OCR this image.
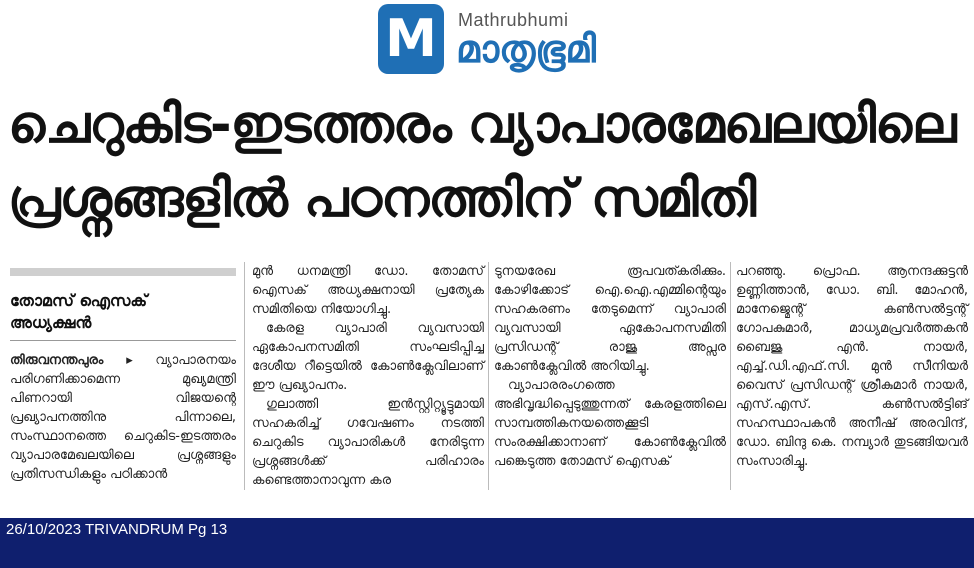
M Mathrubhumi
മാതൃഭൂമി
ചെറുകിട-ഇടത്തരം വ്യാപാരമേഖലയിലെ
പ്രശ്നങ്ങളിൽ പഠനത്തിന് സമിതി
തോമസ് ഐസക്
അധ്യക്ഷൻ

തിരുവനന്തപുരം ▸ വ്യാപാരനയം പരിഗണിക്കാമെന്ന മുഖ്യമന്ത്രി പിണറായി വിജയന്റെ പ്രഖ്യാപനത്തിനു പിന്നാലെ, സംസ്ഥാനത്തെ ചെറുകിട-ഇടത്തരം വ്യാപാരമേഖലയിലെ പ്രശ്നങ്ങളും പ്രതിസന്ധികളും പഠിക്കാൻ

മുൻ ധനമന്ത്രി ഡോ. തോമസ് ഐസക് അധ്യക്ഷനായി പ്രത്യേക സമിതിയെ നിയോഗിച്ചു.
കേരള വ്യാപാരി വ്യവസായി ഏകോപനസമിതി സംഘടിപ്പിച്ച ദേശീയ റീട്ടെയിൽ കോൺക്ലേവിലാണ് ഈ പ്രഖ്യാപനം.
ഗുലാത്തി ഇൻസ്റ്റിറ്റ്യൂട്ടുമായി സഹകരിച്ച് ഗവേഷണം നടത്തി ചെറുകിട വ്യാപാരികൾ നേരിടുന്ന പ്രശ്നങ്ങൾക്ക് പരിഹാരം കണ്ടെത്താനാവുന്ന കര

ടുനയരേഖ രൂപവത്കരിക്കും. കോഴിക്കോട് ഐ.ഐ.എമ്മിന്റെയും സഹകരണം തേടുമെന്ന് വ്യാപാരി വ്യവസായി ഏകോപനസമിതി പ്രസിഡന്റ് രാജു അപ്സര കോൺക്ലേവിൽ അറിയിച്ചു.
വ്യാപാരരംഗത്തെ അഭിവൃദ്ധിപ്പെടുത്തുന്നത് കേരളത്തിലെ സാമ്പത്തികനയത്തെക്കൂടി സംരക്ഷിക്കാനാണ് കോൺക്ലേവിൽ പങ്കെടുത്ത തോമസ് ഐസക്

പറഞ്ഞു. പ്രൊഫ. ആനന്ദക്കുട്ടൻ ഉണ്ണിത്താൻ, ഡോ. ബി. മോഹൻ, മാനേജ്മെന്റ് കൺസൽട്ടന്റ് ഗോപകുമാർ, മാധ്യമപ്രവർത്തകൻ ബൈജു എൻ. നായർ, എച്ച്.ഡി.എഫ്.സി. മുൻ സീനിയർ വൈസ് പ്രസിഡന്റ് ശ്രീകുമാർ നായർ, എസ്.എസ്. കൺസൽട്ടിങ് സഹസ്ഥാപകൻ അനീഷ് അരവിന്ദ്, ഡോ. ബിന്ദു കെ. നമ്പ്യാർ തുടങ്ങിയവർ സംസാരിച്ചു.

26/10/2023 TRIVANDRUM Pg 13
